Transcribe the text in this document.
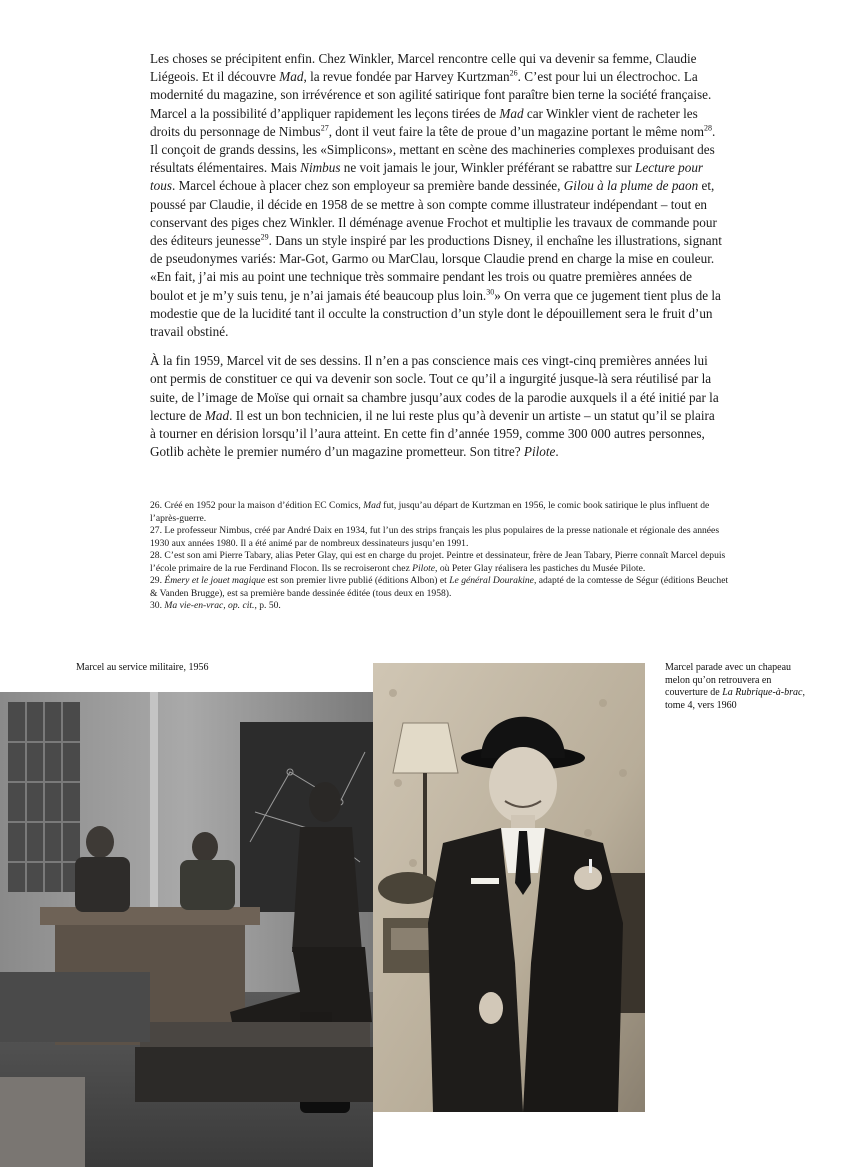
Les choses se précipitent enfin. Chez Winkler, Marcel rencontre celle qui va devenir sa femme, Claudie Liégeois. Et il découvre Mad, la revue fondée par Harvey Kurtzman$^{26}$. C’est pour lui un électrochoc. La modernité du magazine, son irrévérence et son agilité satirique font paraître bien terne la société française. Marcel a la possibilité d’appliquer rapidement les leçons tirées de Mad car Winkler vient de racheter les droits du personnage de Nimbus$^{27}$, dont il veut faire la tête de proue d’un magazine portant le même nom$^{28}$. Il conçoit de grands dessins, les «Simplicons», mettant en scène des machineries complexes produisant des résultats élémentaires. Mais Nimbus ne voit jamais le jour, Winkler préférant se rabattre sur Lecture pour tous. Marcel échoue à placer chez son employeur sa première bande dessinée, Gilou à la plume de paon et, poussé par Claudie, il décide en 1958 de se mettre à son compte comme illustrateur indépendant – tout en conservant des piges chez Winkler. Il déménage avenue Frochot et multiplie les travaux de commande pour des éditeurs jeunesse$^{29}$. Dans un style inspiré par les productions Disney, il enchaîne les illustrations, signant de pseudonymes variés: Mar-Got, Garmo ou MarClau, lorsque Claudie prend en charge la mise en couleur. «En fait, j’ai mis au point une technique très sommaire pendant les trois ou quatre premières années de boulot et je m’y suis tenu, je n’ai jamais été beaucoup plus loin.$^{30}$» On verra que ce jugement tient plus de la modestie que de la lucidité tant il occulte la construction d’un style dont le dépouillement sera le fruit d’un travail obstiné.

À la fin 1959, Marcel vit de ses dessins. Il n’en a pas conscience mais ces vingt-cinq premières années lui ont permis de constituer ce qui va devenir son socle. Tout ce qu’il a ingurgité jusque-là sera réutilisé par la suite, de l’image de Moïse qui ornait sa chambre jusqu’aux codes de la parodie auxquels il a été initié par la lecture de Mad. Il est un bon technicien, il ne lui reste plus qu’à devenir un artiste – un statut qu’il se plaira à tourner en dérision lorsqu’il l’aura atteint. En cette fin d’année 1959, comme 300 000 autres personnes, Gotlib achète le premier numéro d’un magazine prometteur. Son titre? Pilote.

26. Créé en 1952 pour la maison d’édition EC Comics, Mad fut, jusqu’au départ de Kurtzman en 1956, le comic book satirique le plus influent de l’après-guerre.
27. Le professeur Nimbus, créé par André Daix en 1934, fut l’un des strips français les plus populaires de la presse nationale et régionale des années 1930 aux années 1980. Il a été animé par de nombreux dessinateurs jusqu’en 1991.
28. C’est son ami Pierre Tabary, alias Peter Glay, qui est en charge du projet. Peintre et dessinateur, frère de Jean Tabary, Pierre connaît Marcel depuis l’école primaire de la rue Ferdinand Flocon. Ils se recroiseront chez Pilote, où Peter Glay réalisera les pastiches du Musée Pilote.
29. Émery et le jouet magique est son premier livre publié (éditions Albon) et Le général Dourakine, adapté de la comtesse de Ségur (éditions Beuchet & Vanden Brugge), est sa première bande dessinée éditée (tous deux en 1958).
30. Ma vie-en-vrac, op. cit., p. 50.
Marcel au service militaire, 1956	Marcel parade avec un chapeau melon qu’on retrouvera en couverture de La Rubrique-à-brac, tome 4, vers 1960
